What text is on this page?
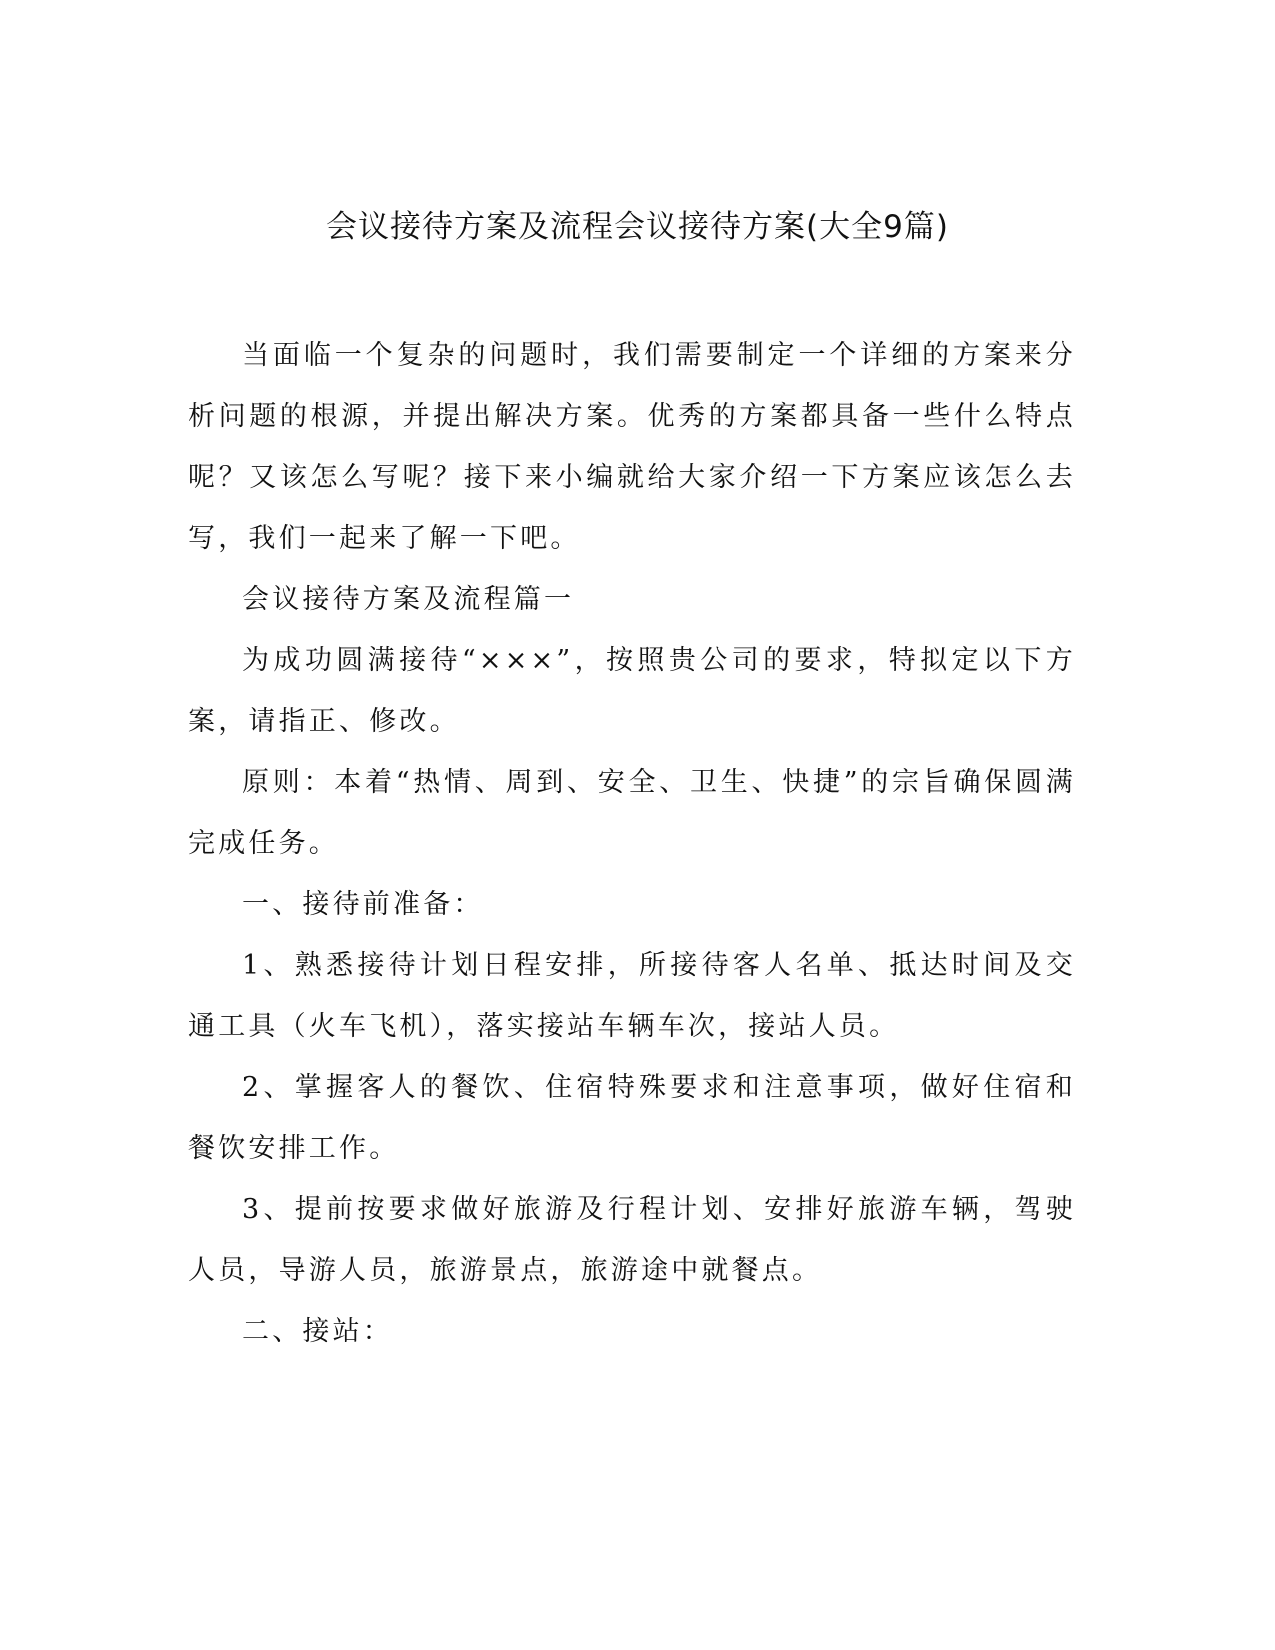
会议接待方案及流程会议接待方案(大全9篇)

当面临一个复杂的问题时，我们需要制定一个详细的方案来分析问题的根源，并提出解决方案。优秀的方案都具备一些什么特点呢？又该怎么写呢？接下来小编就给大家介绍一下方案应该怎么去写，我们一起来了解一下吧。

会议接待方案及流程篇一

为成功圆满接待“×××”，按照贵公司的要求，特拟定以下方案，请指正、修改。

原则：本着“热情、周到、安全、卫生、快捷”的宗旨确保圆满完成任务。

一、接待前准备：

1、熟悉接待计划日程安排，所接待客人名单、抵达时间及交通工具（火车飞机），落实接站车辆车次，接站人员。

2、掌握客人的餐饮、住宿特殊要求和注意事项，做好住宿和餐饮安排工作。

3、提前按要求做好旅游及行程计划、安排好旅游车辆，驾驶人员，导游人员，旅游景点，旅游途中就餐点。

二、接站：
